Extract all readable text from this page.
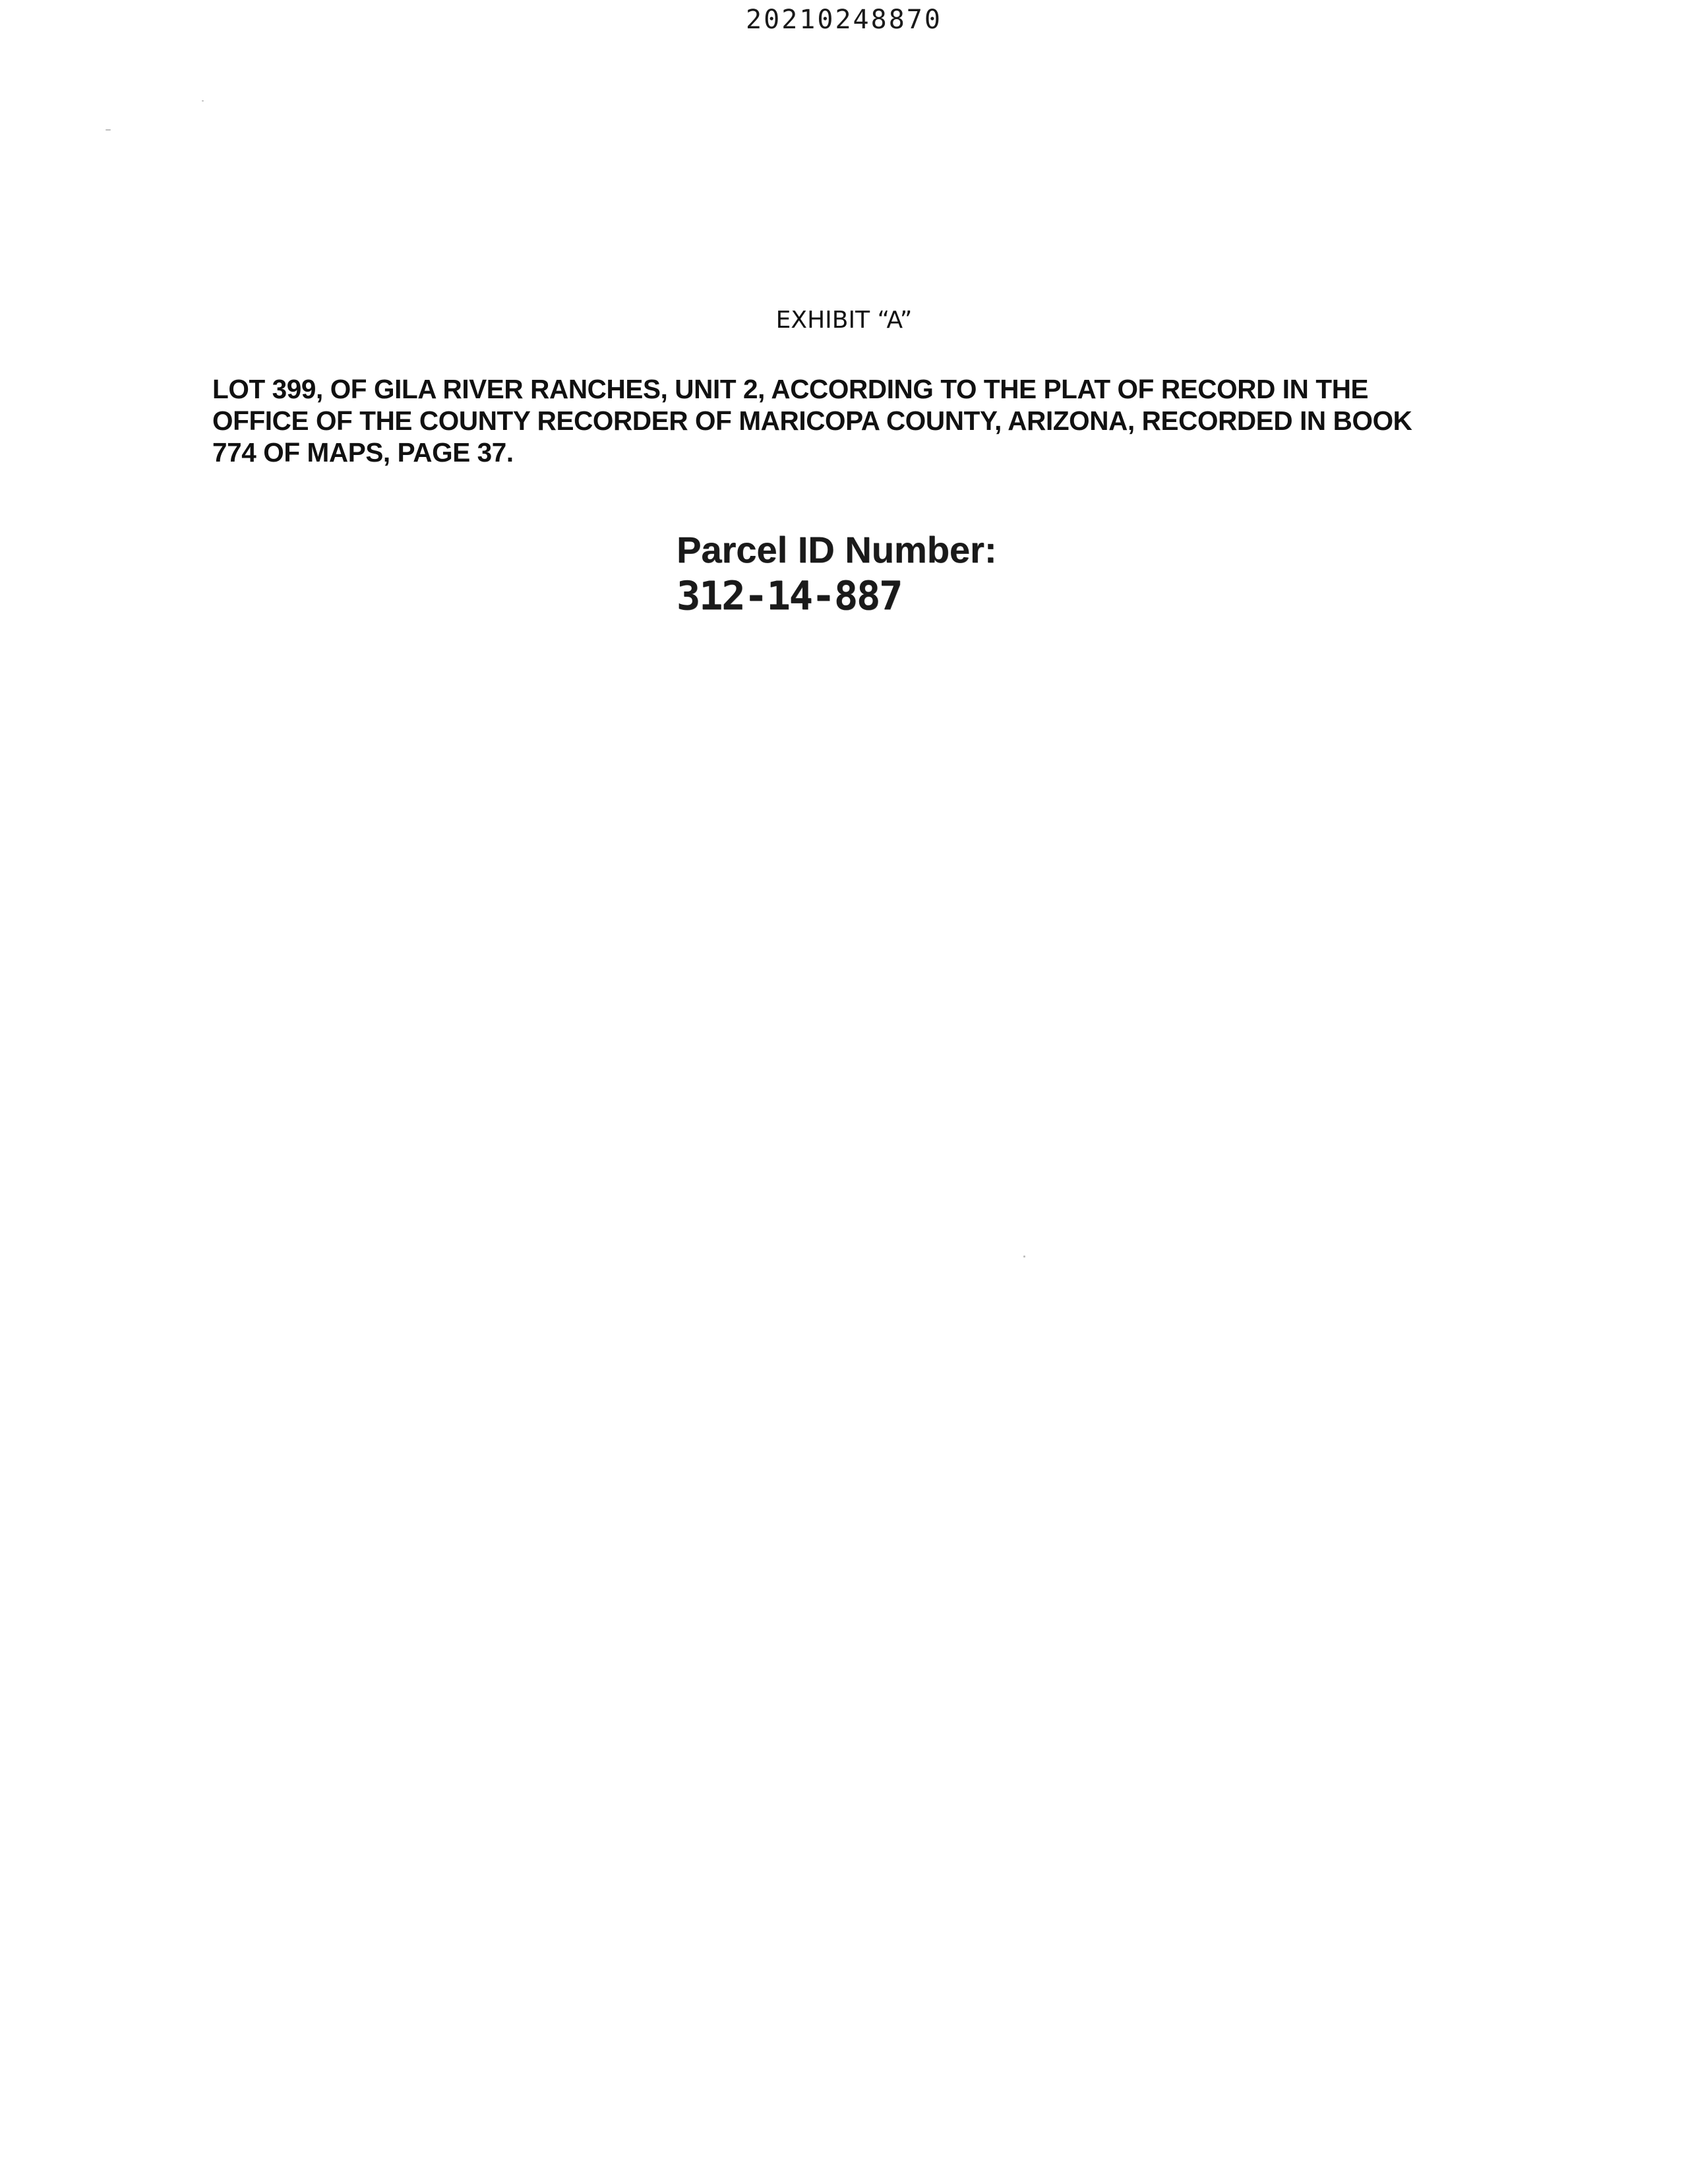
20210248870
EXHIBIT “A”

LOT 399, OF GILA RIVER RANCHES, UNIT 2, ACCORDING TO THE PLAT OF RECORD IN THE
OFFICE OF THE COUNTY RECORDER OF MARICOPA COUNTY, ARIZONA, RECORDED IN BOOK
774 OF MAPS, PAGE 37.

Parcel ID Number:
312-14-887
